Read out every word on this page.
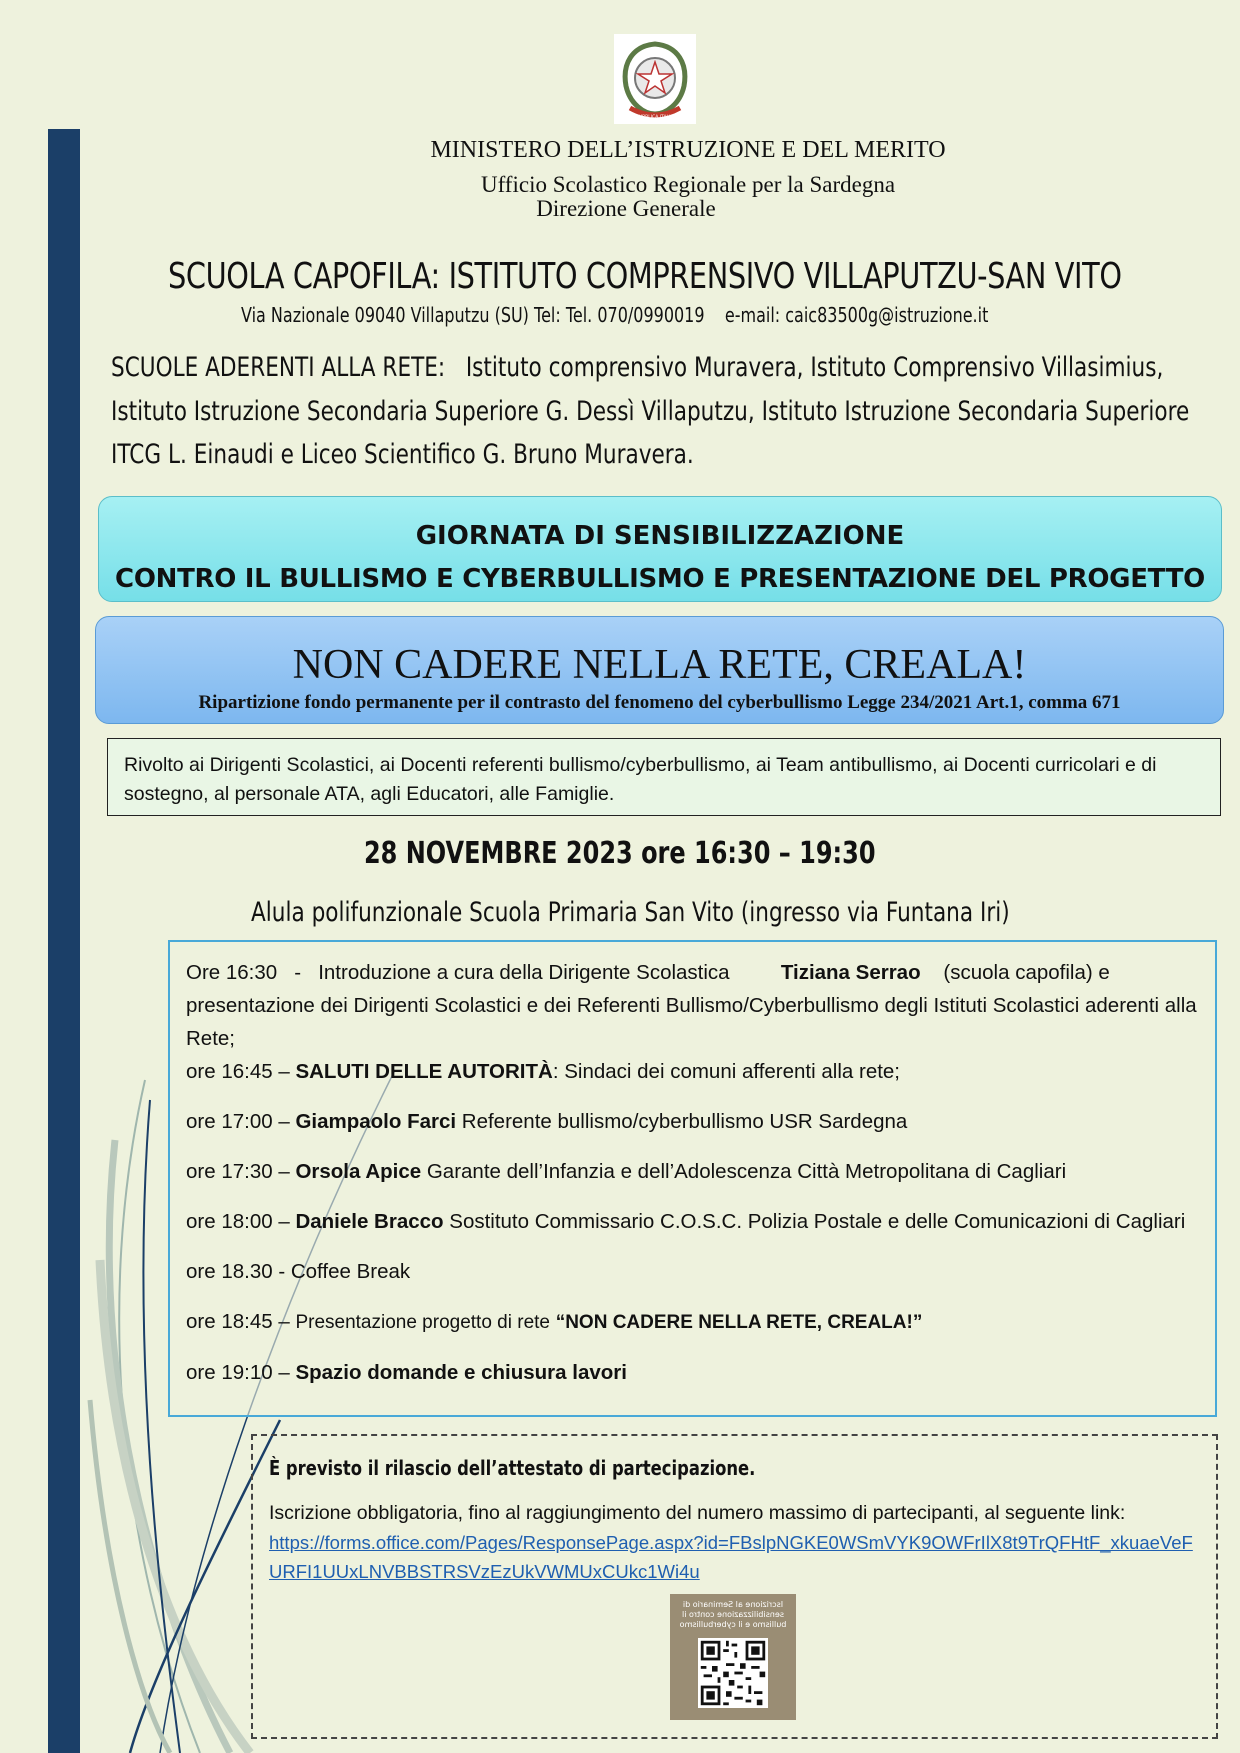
REPUBBLICA ITALIANA
MINISTERO DELL’ISTRUZIONE E DEL MERITO
Ufficio Scolastico Regionale per la Sardegna
Direzione Generale
SCUOLA CAPOFILA: ISTITUTO COMPRENSIVO VILLAPUTZU-SAN VITO
Via Nazionale 09040 Villaputzu (SU) Tel: Tel. 070/0990019 e-mail: caic83500g@istruzione.it
SCUOLE ADERENTI ALLA RETE: Istituto comprensivo Muravera, Istituto Comprensivo Villasimius, Istituto Istruzione Secondaria Superiore G. Dessì Villaputzu, Istituto Istruzione Secondaria Superiore ITCG L. Einaudi e Liceo Scientifico G. Bruno Muravera.
GIORNATA DI SENSIBILIZZAZIONE
CONTRO IL BULLISMO E CYBERBULLISMO E PRESENTAZIONE DEL PROGETTO
NON CADERE NELLA RETE, CREALA!
Ripartizione fondo permanente per il contrasto del fenomeno del cyberbullismo Legge 234/2021 Art.1, comma 671
Rivolto ai Dirigenti Scolastici, ai Docenti referenti bullismo/cyberbullismo, ai Team antibullismo, ai Docenti curricolari e di sostegno, al personale ATA, agli Educatori, alle Famiglie.
28 NOVEMBRE 2023 ore 16:30 – 19:30
Alula polifunzionale Scuola Primaria San Vito (ingresso via Funtana Iri)

Ore 16:30   -   Introduzione a cura della Dirigente Scolastica	Tiziana Serrao (scuola capofila) e presentazione dei Dirigenti Scolastici e dei Referenti Bullismo/Cyberbullismo degli Istituti Scolastici aderenti alla Rete;

ore 16:45 – SALUTI DELLE AUTORITÀ: Sindaci dei comuni afferenti alla rete;

ore 17:00 – Giampaolo Farci Referente bullismo/cyberbullismo USR Sardegna

ore 17:30 – Orsola Apice Garante dell’Infanzia e dell’Adolescenza Città Metropolitana di Cagliari

ore 18:00 – Daniele Bracco Sostituto Commissario C.O.S.C. Polizia Postale e delle Comunicazioni di Cagliari

ore 18.30 - Coffee Break

ore 18:45 – Presentazione progetto di rete “NON CADERE NELLA RETE, CREALA!”

ore 19:10 – Spazio domande e chiusura lavori

È previsto il rilascio dell’attestato di partecipazione.
Iscrizione obbligatoria, fino al raggiungimento del numero massimo di partecipanti, al seguente link:
https://forms.office.com/Pages/ResponsePage.aspx?id=FBslpNGKE0WSmVYK9OWFrIlX8t9TrQFHtF_xkuaeVeFURFI1UUxLNVBBSTRSVzEzUkVWMUxCUkc1Wi4u
Iscrizione al Seminario di sensibilizzazione contro il bullismo e il cyberbullismo
